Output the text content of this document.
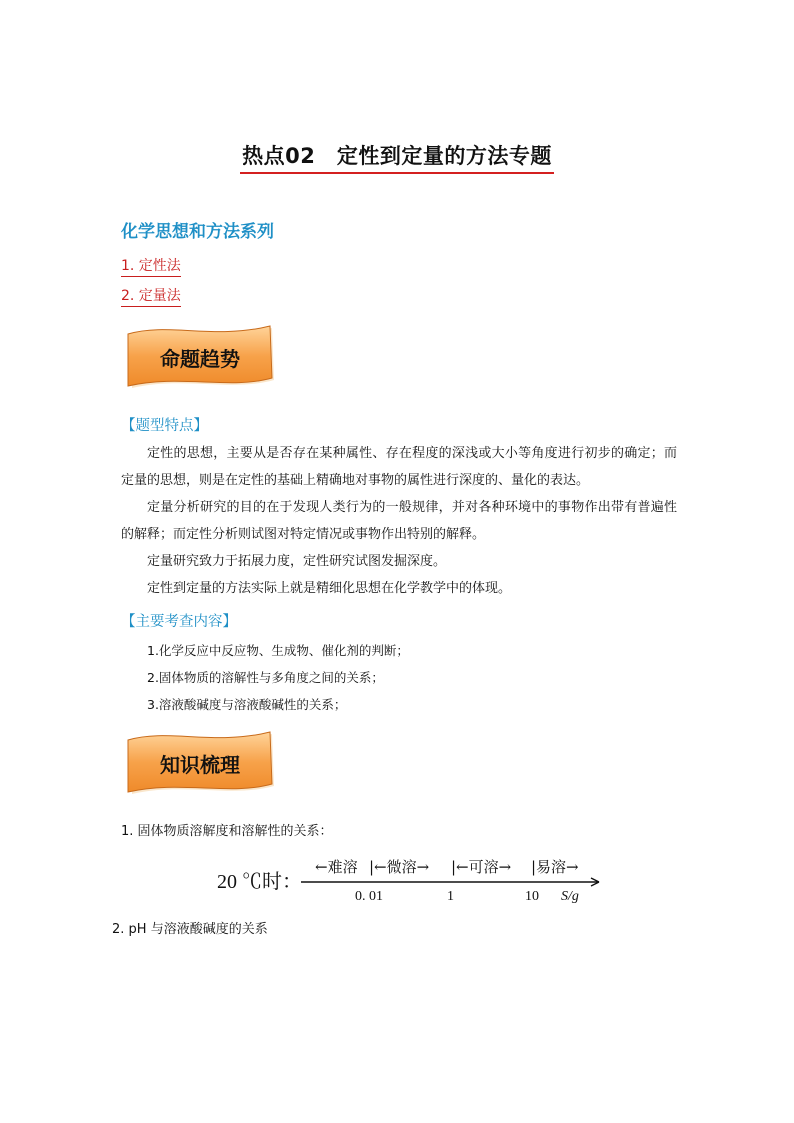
热点02　定性到定量的方法专题
化学思想和方法系列
1. 定性法
2. 定量法
命题趋势
【题型特点】

定性的思想，主要从是否存在某种属性、存在程度的深浅或大小等角度进行初步的确定；而定量的思想，则是在定性的基础上精确地对事物的属性进行深度的、量化的表达。

定量分析研究的目的在于发现人类行为的一般规律，并对各种环境中的事物作出带有普遍性的解释；而定性分析则试图对特定情况或事物作出特别的解释。

定量研究致力于拓展力度，定性研究试图发掘深度。

定性到定量的方法实际上就是精细化思想在化学教学中的体现。

【主要考查内容】
1.化学反应中反应物、生成物、催化剂的判断；
2.固体物质的溶解性与多角度之间的关系；
3.溶液酸碱度与溶液酸碱性的关系；
知识梳理
1. 固体物质溶解度和溶解性的关系：
20 ℃时：
←难溶 |←微溶→ |←可溶→ |易溶→
0. 01	1	10 S/g
2. pH 与溶液酸碱度的关系
